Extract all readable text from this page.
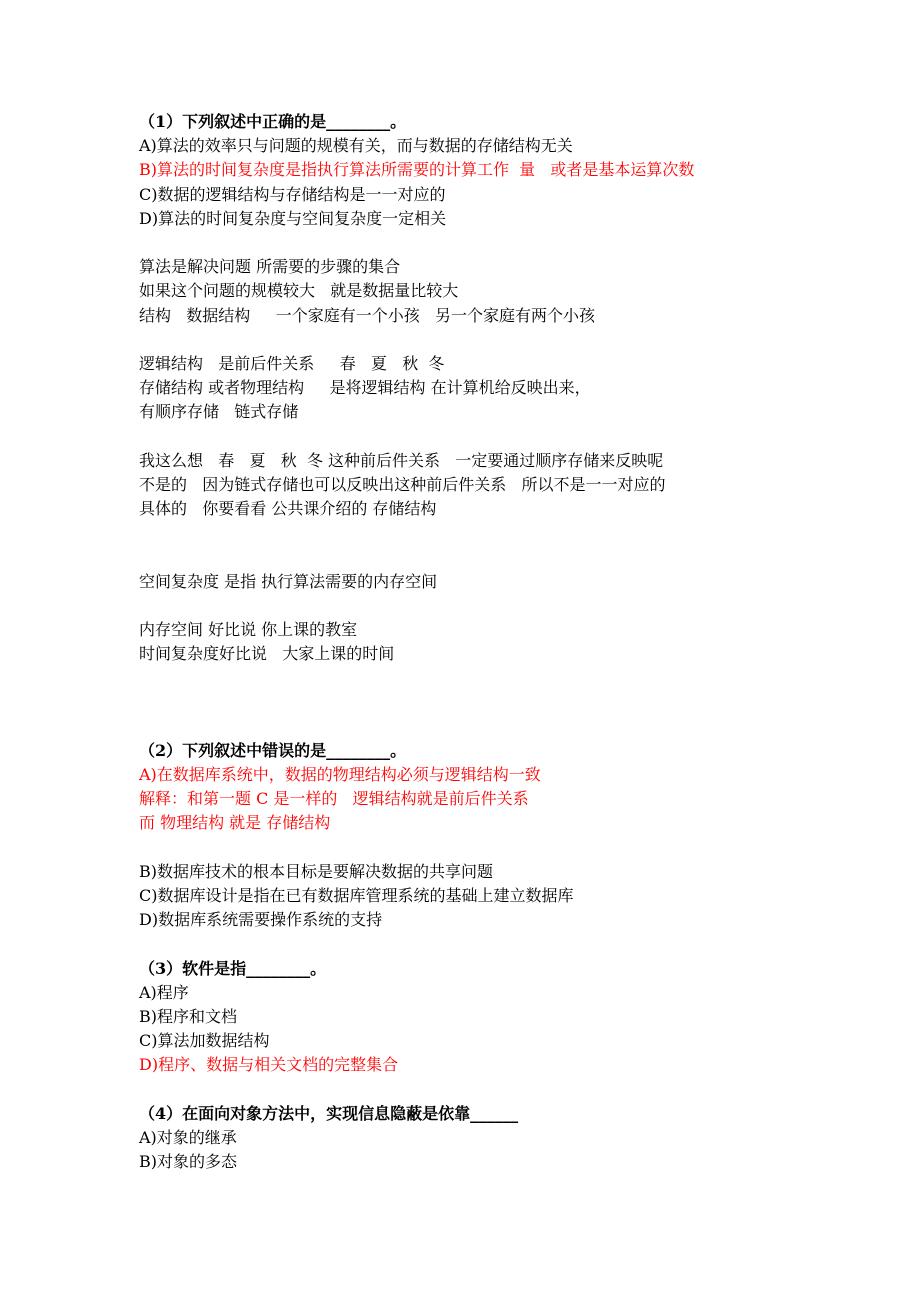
（1）下列叙述中正确的是________。
A)算法的效率只与问题的规模有关，而与数据的存储结构无关
B)算法的时间复杂度是指执行算法所需要的计算工作  量   或者是基本运算次数
C)数据的逻辑结构与存储结构是一一对应的
D)算法的时间复杂度与空间复杂度一定相关
算法是解决问题 所需要的步骤的集合
如果这个问题的规模较大   就是数据量比较大
结构   数据结构     一个家庭有一个小孩   另一个家庭有两个小孩
逻辑结构   是前后件关系     春   夏   秋  冬
存储结构 或者物理结构     是将逻辑结构 在计算机给反映出来，
有顺序存储   链式存储
我这么想   春   夏   秋  冬 这种前后件关系   一定要通过顺序存储来反映呢
不是的   因为链式存储也可以反映出这种前后件关系   所以不是一一对应的
具体的   你要看看 公共课介绍的 存储结构
空间复杂度 是指 执行算法需要的内存空间
内存空间 好比说 你上课的教室
时间复杂度好比说   大家上课的时间
（2）下列叙述中错误的是________。
A)在数据库系统中，数据的物理结构必须与逻辑结构一致
解释：和第一题 C 是一样的   逻辑结构就是前后件关系
而 物理结构 就是 存储结构
B)数据库技术的根本目标是要解决数据的共享问题
C)数据库设计是指在已有数据库管理系统的基础上建立数据库
D)数据库系统需要操作系统的支持
（3）软件是指________。
A)程序
B)程序和文档
C)算法加数据结构
D)程序、数据与相关文档的完整集合
（4）在面向对象方法中，实现信息隐蔽是依靠______
A)对象的继承
B)对象的多态
